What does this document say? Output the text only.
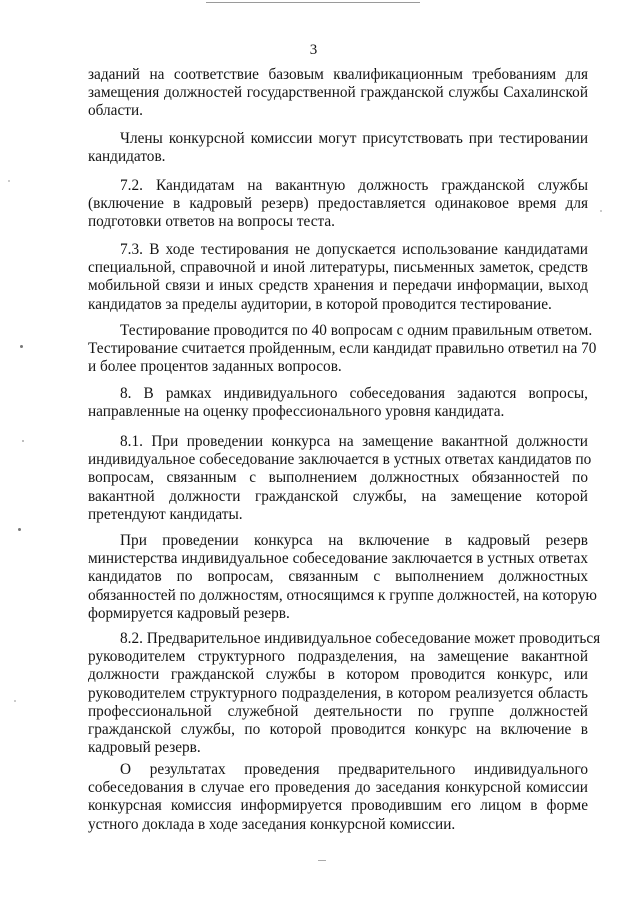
3
заданий на соответствие базовым квалификационным требованиям для
замещения должностей государственной гражданской службы Сахалинской
области.
Члены конкурсной комиссии могут присутствовать при тестировании
кандидатов.
7.2. Кандидатам на вакантную должность гражданской службы
(включение в кадровый резерв) предоставляется одинаковое время для
подготовки ответов на вопросы теста.
7.3. В ходе тестирования не допускается использование кандидатами
специальной, справочной и иной литературы, письменных заметок, средств
мобильной связи и иных средств хранения и передачи информации, выход
кандидатов за пределы аудитории, в которой проводится тестирование.
Тестирование проводится по 40 вопросам с одним правильным ответом.
Тестирование считается пройденным, если кандидат правильно ответил на 70
и более процентов заданных вопросов.
8. В рамках индивидуального собеседования задаются вопросы,
направленные на оценку профессионального уровня кандидата.
8.1. При проведении конкурса на замещение вакантной должности
индивидуальное собеседование заключается в устных ответах кандидатов по
вопросам, связанным с выполнением должностных обязанностей по
вакантной должности гражданской службы, на замещение которой
претендуют кандидаты.
При проведении конкурса на включение в кадровый резерв
министерства индивидуальное собеседование заключается в устных ответах
кандидатов по вопросам, связанным с выполнением должностных
обязанностей по должностям, относящимся к группе должностей, на которую
формируется кадровый резерв.
8.2. Предварительное индивидуальное собеседование может проводиться
руководителем структурного подразделения, на замещение вакантной
должности гражданской службы в котором проводится конкурс, или
руководителем структурного подразделения, в котором реализуется область
профессиональной служебной деятельности по группе должностей
гражданской службы, по которой проводится конкурс на включение в
кадровый резерв.
О результатах проведения предварительного индивидуального
собеседования в случае его проведения до заседания конкурсной комиссии
конкурсная комиссия информируется проводившим его лицом в форме
устного доклада в ходе заседания конкурсной комиссии.
